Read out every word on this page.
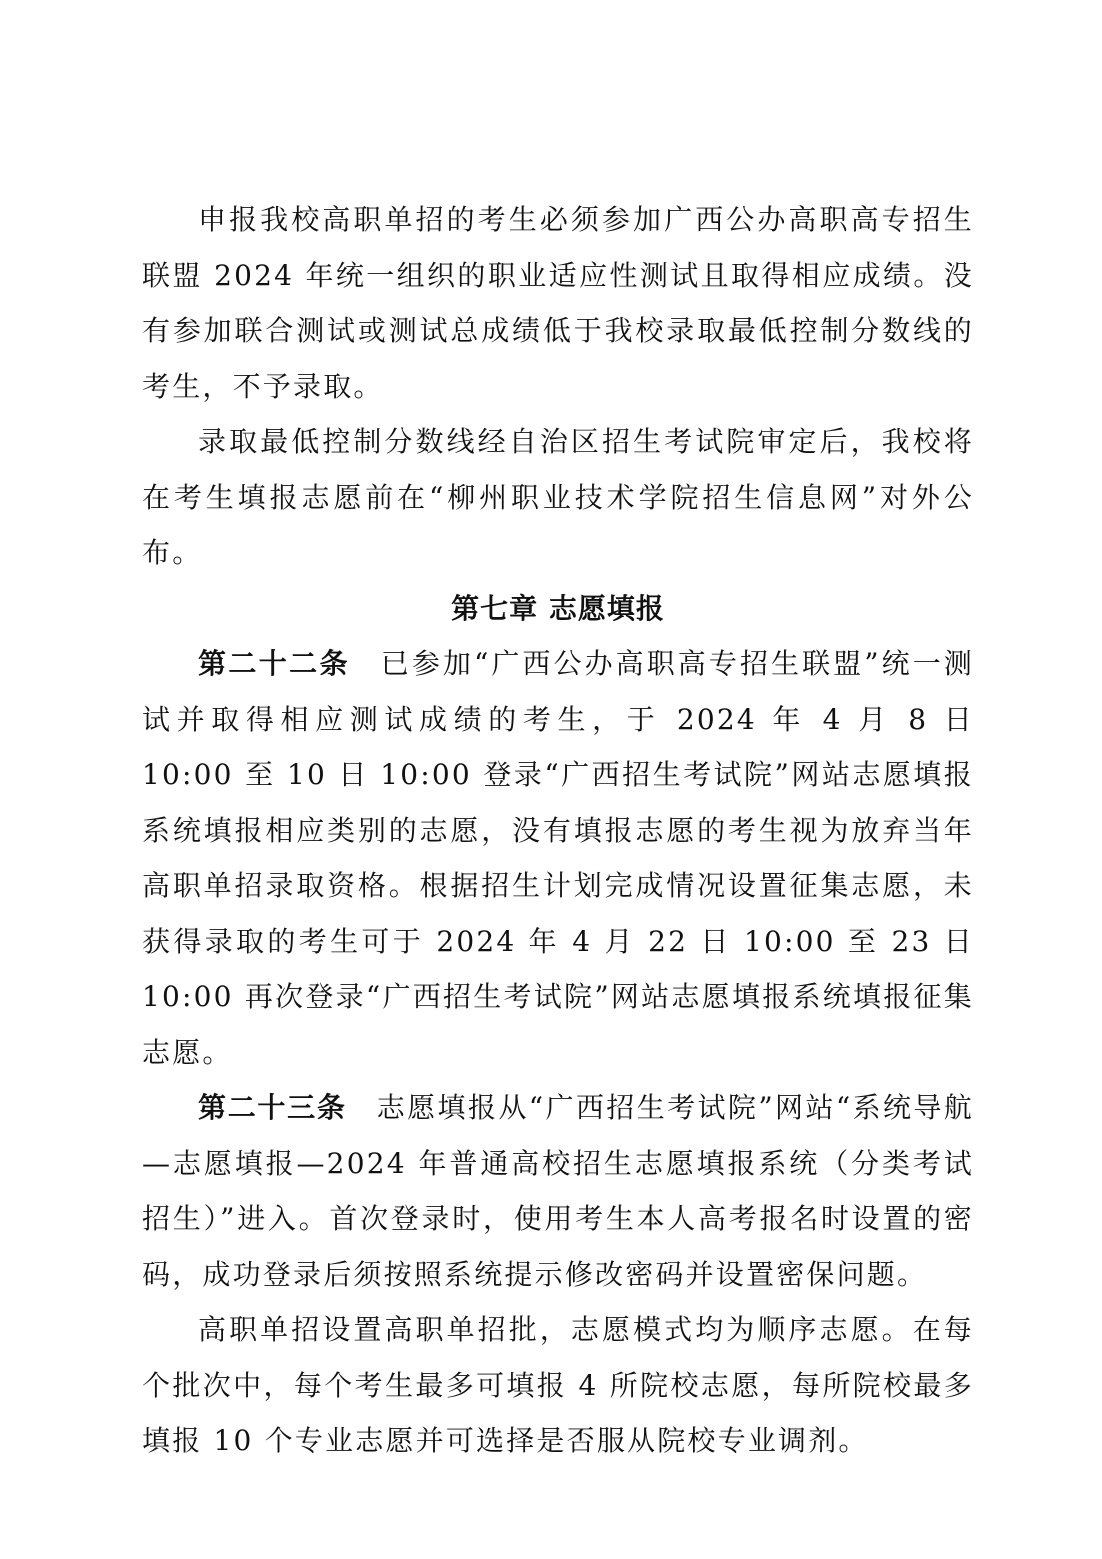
申报我校高职单招的考生必须参加广西公办高职高专招生联盟 2024 年统一组织的职业适应性测试且取得相应成绩。没有参加联合测试或测试总成绩低于我校录取最低控制分数线的考生，不予录取。

录取最低控制分数线经自治区招生考试院审定后，我校将在考生填报志愿前在“柳州职业技术学院招生信息网”对外公布。

第七章 志愿填报

第二十二条 已参加“广西公办高职高专招生联盟”统一测试并取得相应测试成绩的考生，于 2024 年 4 月 8 日 10:00 至 10 日 10:00 登录“广西招生考试院”网站志愿填报系统填报相应类别的志愿，没有填报志愿的考生视为放弃当年高职单招录取资格。根据招生计划完成情况设置征集志愿，未获得录取的考生可于 2024 年 4 月 22 日 10:00 至 23 日 10:00 再次登录“广西招生考试院”网站志愿填报系统填报征集志愿。

第二十三条 志愿填报从“广西招生考试院”网站“系统导航—志愿填报—2024 年普通高校招生志愿填报系统（分类考试招生）”进入。首次登录时，使用考生本人高考报名时设置的密码，成功登录后须按照系统提示修改密码并设置密保问题。

高职单招设置高职单招批，志愿模式均为顺序志愿。在每个批次中，每个考生最多可填报 4 所院校志愿，每所院校最多填报 10 个专业志愿并可选择是否服从院校专业调剂。
